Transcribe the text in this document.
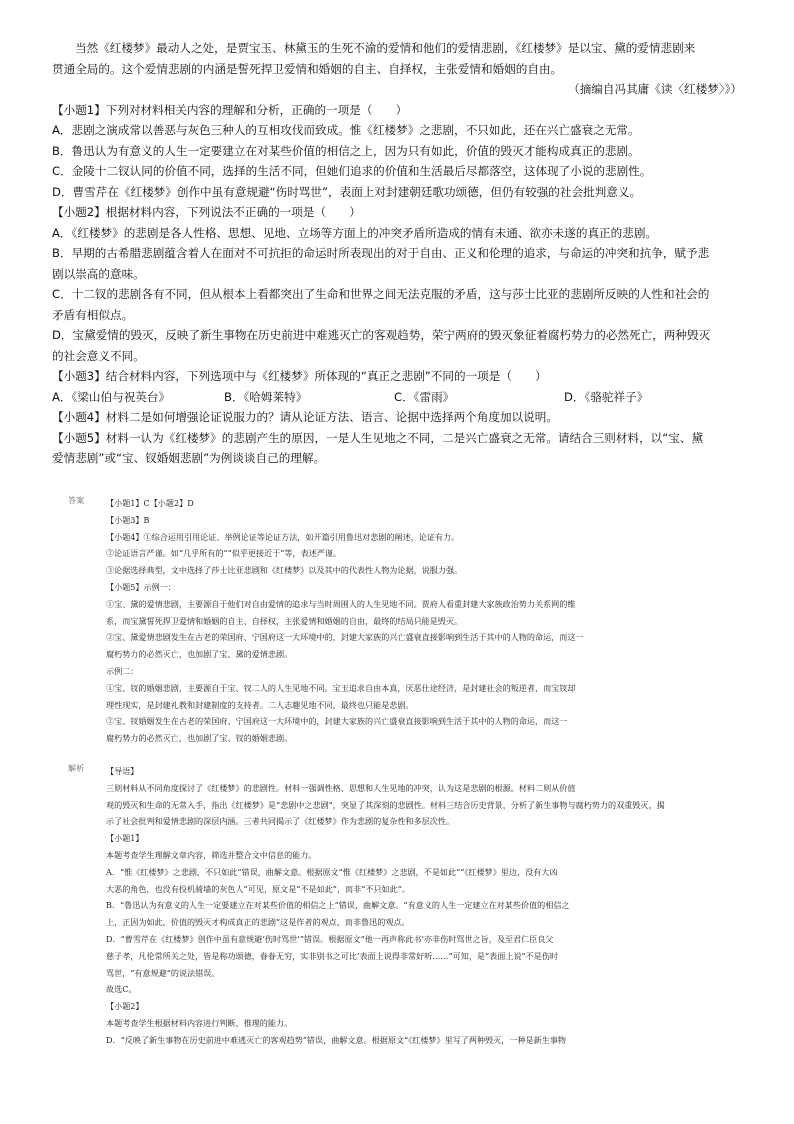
当然《红楼梦》最动人之处，是贾宝玉、林黛玉的生死不渝的爱情和他们的爱情悲剧，《红楼梦》是以宝、黛的爱情悲剧来

贯通全局的。这个爱情悲剧的内涵是誓死捍卫爱情和婚姻的自主、自择权，主张爱情和婚姻的自由。

（摘编自冯其庸《读〈红楼梦〉》）

【小题1】下列对材料相关内容的理解和分析，正确的一项是（　　）

A．悲剧之演成常以善恶与灰色三种人的互相攻伐而致成。惟《红楼梦》之悲剧，不只如此，还在兴亡盛衰之无常。

B．鲁迅认为有意义的人生一定要建立在对某些价值的相信之上，因为只有如此，价值的毁灭才能构成真正的悲剧。

C．金陵十二钗认同的价值不同，选择的生活不同，但她们追求的价值和生活最后尽都落空，这体现了小说的悲剧性。

D．曹雪芹在《红楼梦》创作中虽有意规避“伤时骂世”，表面上对封建朝廷歌功颂德，但仍有较强的社会批判意义。

【小题2】根据材料内容，下列说法不正确的一项是（　　）

A．《红楼梦》的悲剧是各人性格、思想、见地、立场等方面上的冲突矛盾所造成的情有未通、欲亦未遂的真正的悲剧。

B．早期的古希腊悲剧蕴含着人在面对不可抗拒的命运时所表现出的对于自由、正义和伦理的追求，与命运的冲突和抗争，赋予悲

剧以崇高的意味。

C．十二钗的悲剧各有不同，但从根本上看都突出了生命和世界之间无法克服的矛盾，这与莎士比亚的悲剧所反映的人性和社会的

矛盾有相似点。

D．宝黛爱情的毁灭，反映了新生事物在历史前进中难逃灭亡的客观趋势，荣宁两府的毁灭象征着腐朽势力的必然死亡，两种毁灭

的社会意义不同。

【小题3】结合材料内容，下列选项中与《红楼梦》所体现的“真正之悲剧”不同的一项是（　　）

A．《梁山伯与祝英台》	B．《哈姆莱特》	C．《雷雨》	D．《骆驼祥子》

【小题4】材料二是如何增强论证说服力的？请从论证方法、语言、论据中选择两个角度加以说明。

【小题5】材料一认为《红楼梦》的悲剧产生的原因，一是人生见地之不同，二是兴亡盛衰之无常。请结合三则材料，以“宝、黛

爱情悲剧”或“宝、钗婚姻悲剧”为例谈谈自己的理解。

答案	【小题1】C【小题2】D

【小题3】B

【小题4】①综合运用引用论证、举例论证等论证方法，如开篇引用鲁迅对悲剧的阐述，论证有力。

②论证语言严谨。如“几乎所有的”“似乎更接近于”等，表述严谨。

③论据选择典型，文中选择了莎士比亚悲剧和《红楼梦》以及其中的代表性人物为论据，说服力强。

【小题5】示例一：

①宝、黛的爱情悲剧，主要源自于他们对自由爱情的追求与当时周围人的人生见地不同。贾府人看重封建大家族政治势力关系网的维

系，而宝黛誓死捍卫爱情和婚姻的自主、自择权，主张爱情和婚姻的自由，最终的结局只能是毁灭。

②宝、黛爱情悲剧发生在古老的荣国府、宁国府这一大环境中的，封建大家族的兴亡盛衰直接影响到生活于其中的人物的命运，而这一

腐朽势力的必然灭亡，也加剧了宝、黛的爱情悲剧。

示例二：

①宝、钗的婚姻悲剧，主要源自于宝、钗二人的人生见地不同。宝玉追求自由本真，厌恶仕途经济，是封建社会的叛逆者，而宝钗却

理性现实，是封建礼教和封建制度的支持者。二人志趣见地不同，最终也只能是悲剧。

②宝、钗婚姻发生在古老的荣国府、宁国府这一大环境中的，封建大家族的兴亡盛衰直接影响到生活于其中的人物的命运，而这一

腐朽势力的必然灭亡，也加剧了宝、钗的婚姻悲剧。

解析	【导语】

三则材料从不同角度探讨了《红楼梦》的悲剧性。材料一强调性格、思想和人生见地的冲突，认为这是悲剧的根源。材料二则从价值

观的毁灭和生命的无常入手，指出《红楼梦》是“悲剧中之悲剧”，突显了其深刻的悲剧性。材料三结合历史背景，分析了新生事物与腐朽势力的双重毁灭，揭

示了社会批判和爱情悲剧的深层内涵。三者共同揭示了《红楼梦》作为悲剧的复杂性和多层次性。

【小题1】

本题考查学生理解文章内容，筛选并整合文中信息的能力。

A．“惟《红楼梦》之悲剧，不只如此”错误，曲解文意。根据原文“惟《红楼梦》之悲剧，不是如此”“《红楼梦》里边，没有大凶

大恶的角色，也没有投机骑墙的灰色人”可见，原文是“不是如此”，而非“不只如此”。

B．“鲁迅认为有意义的人生一定要建立在对某些价值的相信之上”错误，曲解文意。“有意义的人生一定建立在对某些价值的相信之

上，正因为如此，价值的毁灭才构成真正的悲剧”这是作者的观点，而非鲁迅的观点。

D．“曹雪芹在《红楼梦》创作中虽有意规避‘伤时骂世’”错误。根据原文“他一再声称此书‘亦非伤时骂世之旨，及至君仁臣良父

慈子孝，凡伦常所关之处，皆是称功颂德，眷眷无穷，实非别书之可比’表面上说得非常好听……”可知，是“表面上说”不是伤时

骂世，“有意规避”的说法错误。

故选C。

【小题2】

本题考查学生根据材料内容进行判断、推理的能力。

D．“反映了新生事物在历史前进中难逃灭亡的客观趋势”错误，曲解文意。根据原文“《红楼梦》里写了两种毁灭，一种是新生事物
